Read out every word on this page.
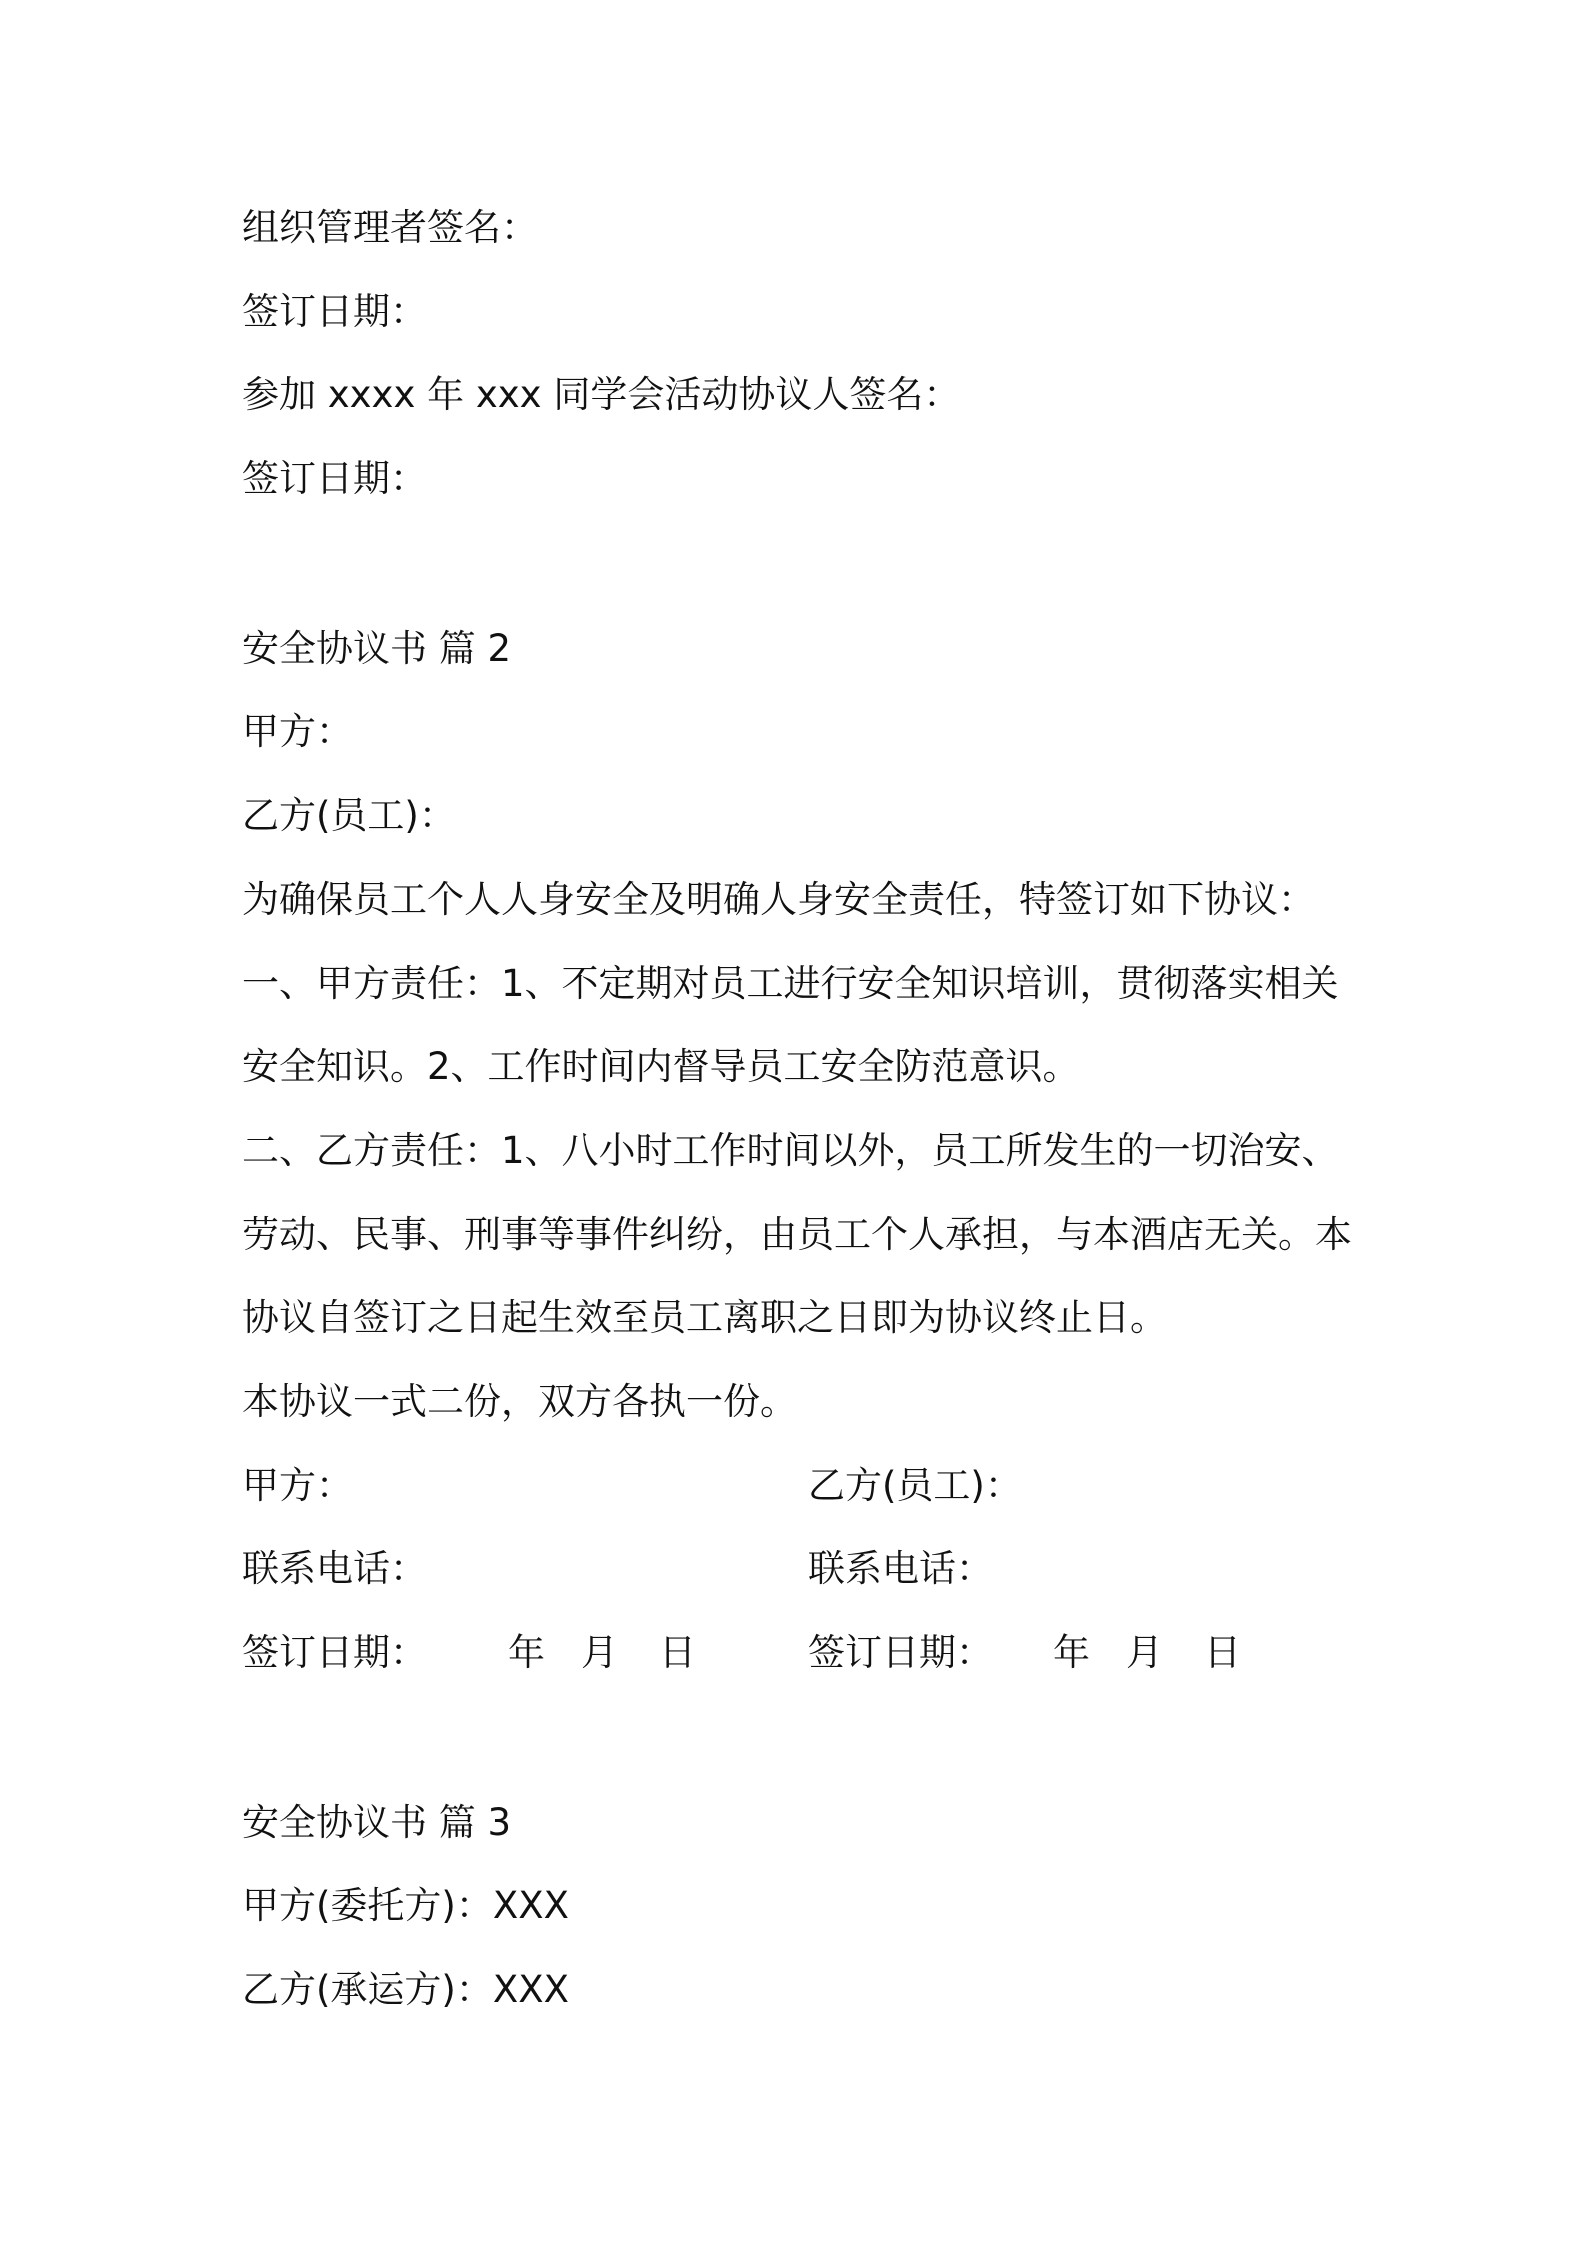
组织管理者签名：
签订日期：
参加 xxxx 年 xxx 同学会活动协议人签名：
签订日期：
安全协议书 篇 2
甲方：
乙方(员工)：
为确保员工个人人身安全及明确人身安全责任，特签订如下协议：
一、甲方责任：1、不定期对员工进行安全知识培训，贯彻落实相关
安全知识。2、工作时间内督导员工安全防范意识。
二、乙方责任：1、八小时工作时间以外，员工所发生的一切治安、
劳动、民事、刑事等事件纠纷，由员工个人承担，与本酒店无关。本
协议自签订之日起生效至员工离职之日即为协议终止日。
本协议一式二份，双方各执一份。
甲方：	乙方(员工)：
联系电话：	联系电话：
签订日期： 年 月 日	签订日期： 年 月 日
安全协议书 篇 3
甲方(委托方)：XXX
乙方(承运方)：XXX
